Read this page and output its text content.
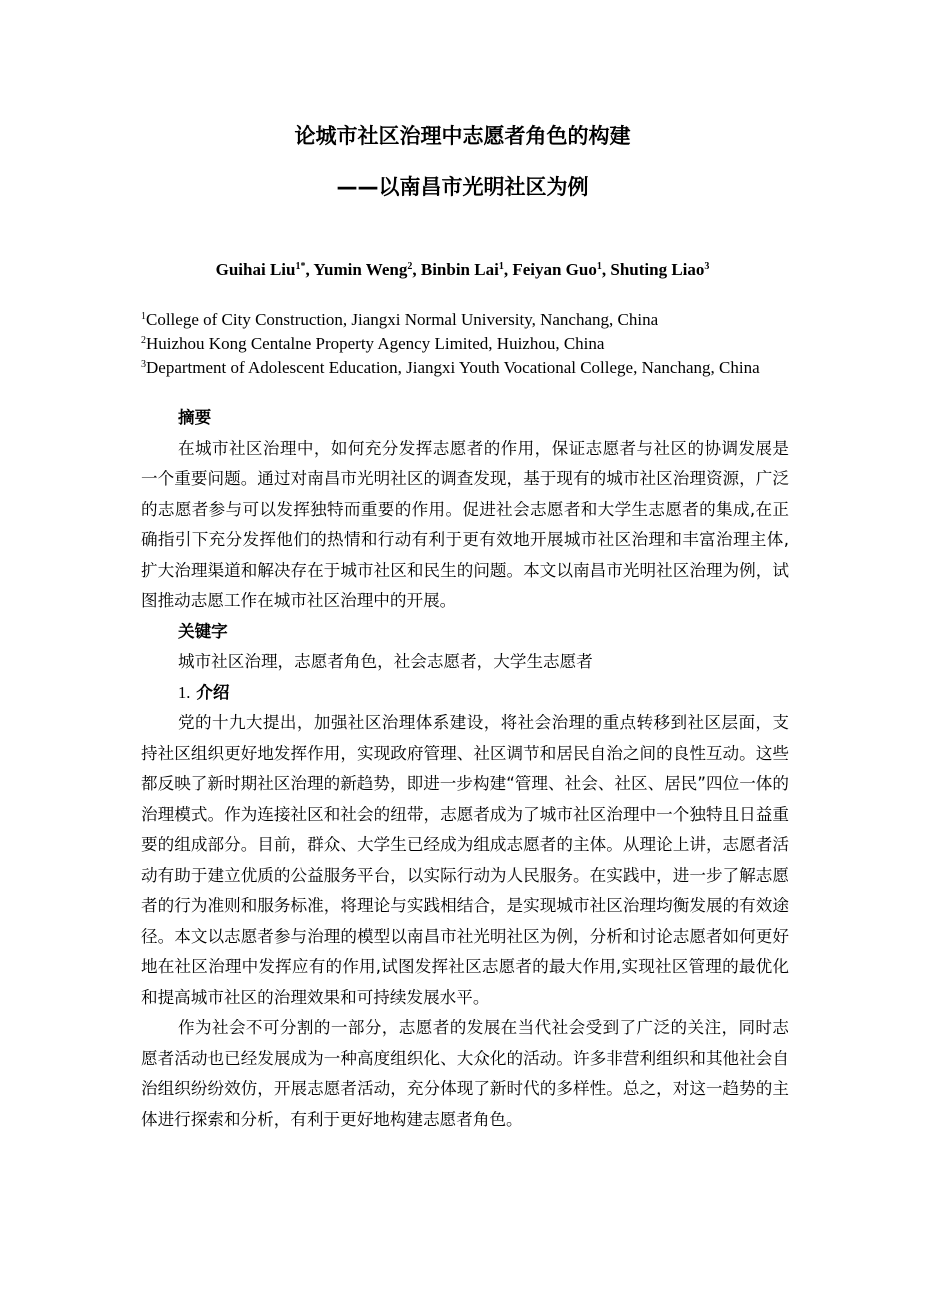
论城市社区治理中志愿者角色的构建
——以南昌市光明社区为例
Guihai Liu$^{1*}$, Yumin Weng$^2$, Binbin Lai$^1$, Feiyan Guo$^1$, Shuting Liao$^3$
$^1$College of City Construction, Jiangxi Normal University, Nanchang, China
$^2$Huizhou Kong Centalne Property Agency Limited, Huizhou, China
$^3$Department of Adolescent Education, Jiangxi Youth Vocational College, Nanchang, China

摘要

在城市社区治理中，如何充分发挥志愿者的作用，保证志愿者与社区的协调发展是一个重要问题。通过对南昌市光明社区的调查发现，基于现有的城市社区治理资源，广泛的志愿者参与可以发挥独特而重要的作用。促进社会志愿者和大学生志愿者的集成,在正确指引下充分发挥他们的热情和行动有利于更有效地开展城市社区治理和丰富治理主体,扩大治理渠道和解决存在于城市社区和民生的问题。本文以南昌市光明社区治理为例，试图推动志愿工作在城市社区治理中的开展。

关键字

城市社区治理，志愿者角色，社会志愿者，大学生志愿者

1. 介绍

党的十九大提出，加强社区治理体系建设，将社会治理的重点转移到社区层面，支持社区组织更好地发挥作用，实现政府管理、社区调节和居民自治之间的良性互动。这些都反映了新时期社区治理的新趋势，即进一步构建“管理、社会、社区、居民”四位一体的治理模式。作为连接社区和社会的纽带，志愿者成为了城市社区治理中一个独特且日益重要的组成部分。目前，群众、大学生已经成为组成志愿者的主体。从理论上讲，志愿者活动有助于建立优质的公益服务平台，以实际行动为人民服务。在实践中，进一步了解志愿者的行为准则和服务标准，将理论与实践相结合，是实现城市社区治理均衡发展的有效途径。本文以志愿者参与治理的模型以南昌市社光明社区为例，分析和讨论志愿者如何更好地在社区治理中发挥应有的作用,试图发挥社区志愿者的最大作用,实现社区管理的最优化和提高城市社区的治理效果和可持续发展水平。

作为社会不可分割的一部分，志愿者的发展在当代社会受到了广泛的关注，同时志愿者活动也已经发展成为一种高度组织化、大众化的活动。许多非营利组织和其他社会自治组织纷纷效仿，开展志愿者活动，充分体现了新时代的多样性。总之，对这一趋势的主体进行探索和分析，有利于更好地构建志愿者角色。
